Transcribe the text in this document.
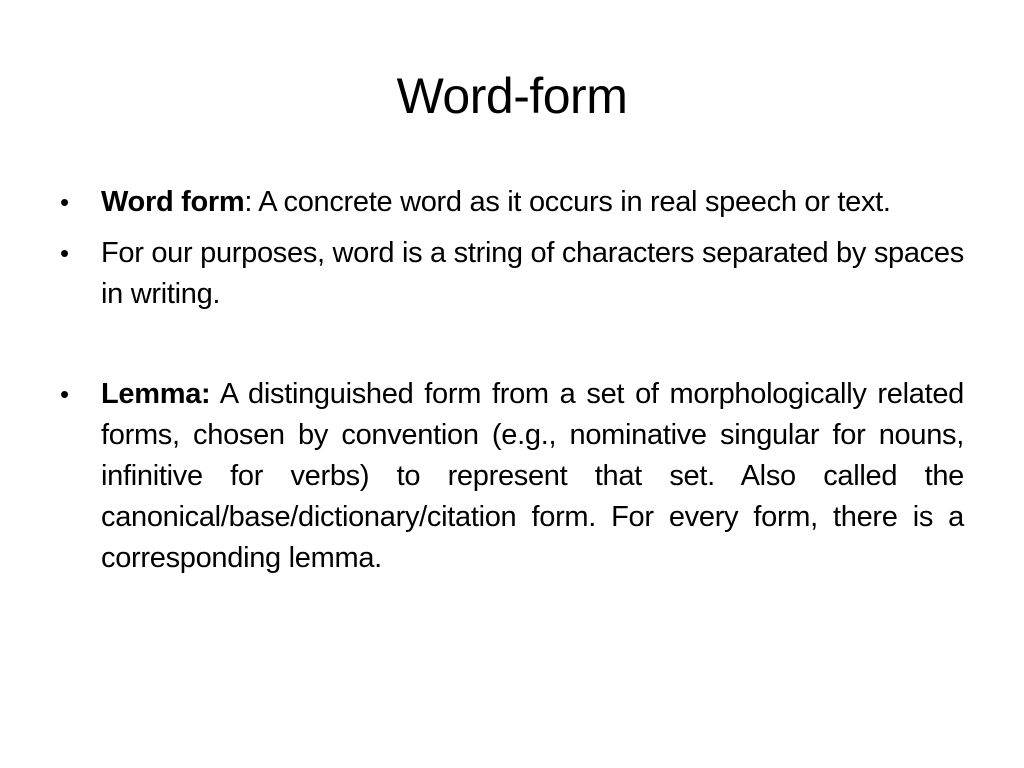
Word-form
•	Word form: A concrete word as it occurs in real speech or text.
•	For our purposes, word is a string of characters separated by spaces in writing.
•	Lemma: A distinguished form from a set of morphologically related forms, chosen by convention (e.g., nominative singular for nouns, infinitive for verbs) to represent that set. Also called the canonical/base/dictionary/citation form. For every form, there is a corresponding lemma.
